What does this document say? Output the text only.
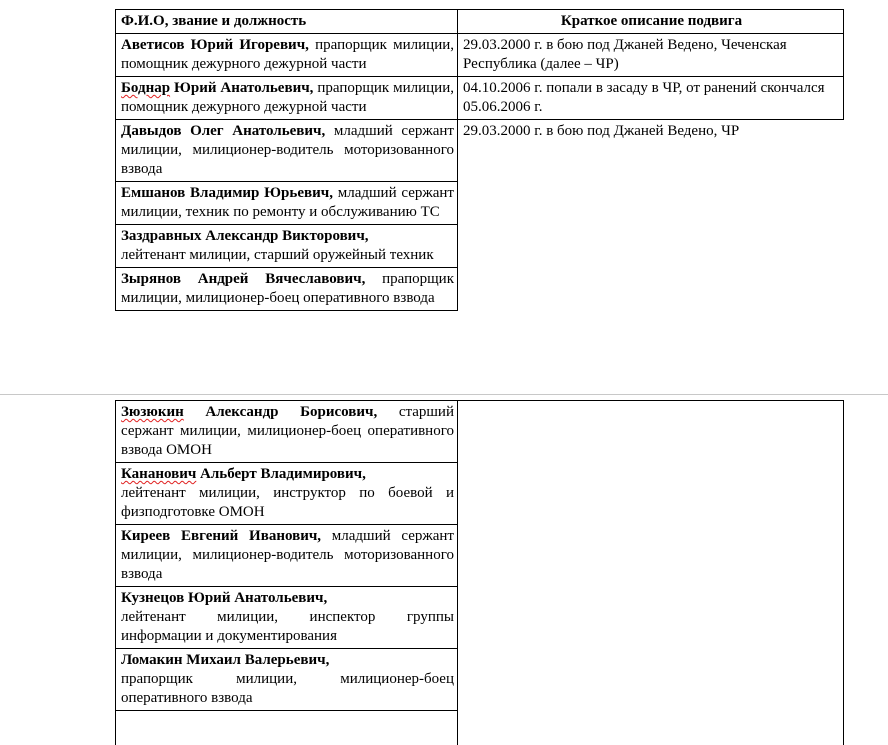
Ф.И.О, звание и должность	Краткое описание подвига
Аветисов Юрий Игоревич, прапорщик милиции, помощник дежурного дежурной части	29.03.2000 г. в бою под Джаней Ведено, Чеченская Республика (далее – ЧР)
Боднар Юрий Анатольевич, прапорщик милиции, помощник дежурного дежурной части	04.10.2006 г. попали в засаду в ЧР, от ранений скончался 05.06.2006 г.
Давыдов Олег Анатольевич, младший сержант милиции, милиционер-водитель моторизованного взвода	29.03.2000 г. в бою под Джаней Ведено, ЧР
Емшанов Владимир Юрьевич, младший сержант милиции, техник по ремонту и обслуживанию ТС	
Заздравных Александр Викторович,
лейтенант милиции, старший оружейный техник	
Зырянов Андрей Вячеславович, прапорщик милиции, милиционер-боец оперативного взвода	
Зюзюкин Александр Борисович, старший сержант милиции, милиционер-боец оперативного взвода ОМОН	
Кананович Альберт Владимирович,
лейтенант милиции, инструктор по боевой и физподготовке ОМОН
Киреев Евгений Иванович, младший сержант милиции, милиционер-водитель моторизованного взвода
Кузнецов Юрий Анатольевич,
лейтенант милиции, инспектор группы информации и документирования
Ломакин Михаил Валерьевич,
прапорщик милиции, милиционер-боец оперативного взвода
